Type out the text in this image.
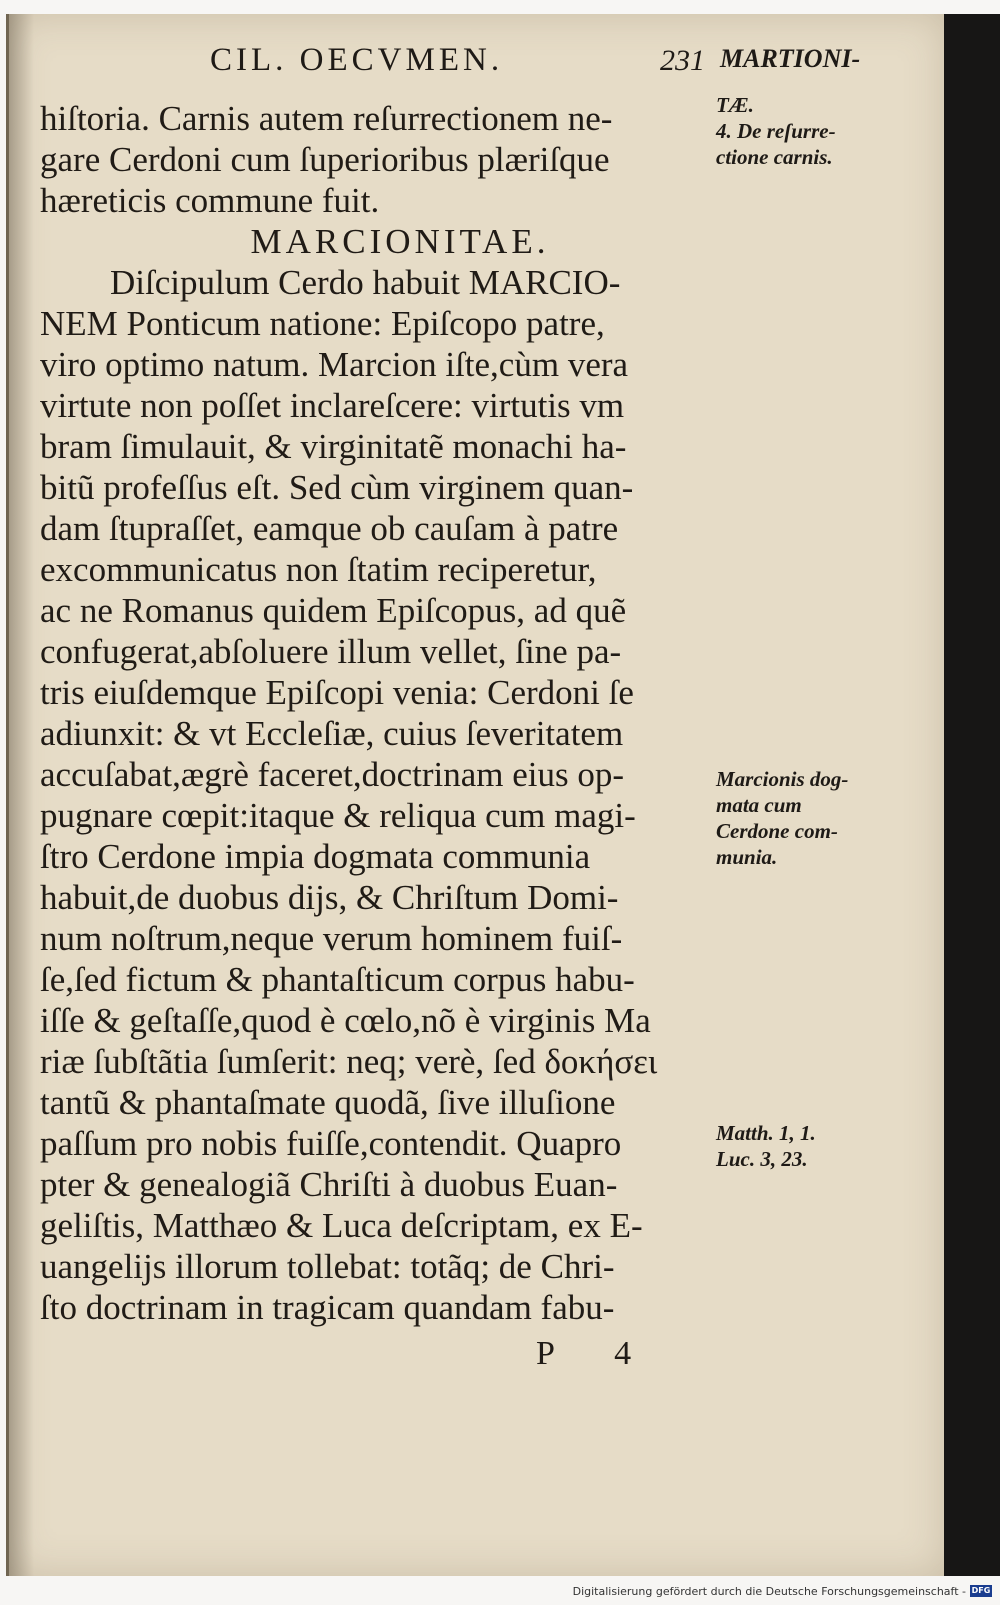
CIL. OECVMEN.	231 MARTIONI-
hiſtoria. Carnis autem reſurrectionem ne-
gare Cerdoni cum ſuperioribus plæriſque
hæreticis commune fuit.
MARCIONITAE.
Diſcipulum Cerdo habuit MARCIO-
NEM Ponticum natione: Epiſcopo patre,
viro optimo natum. Marcion iſte,cùm vera
virtute non poſſet inclareſcere: virtutis vm
bram ſimulauit, & virginitatẽ monachi ha-
bitũ profeſſus eſt. Sed cùm virginem quan-
dam ſtupraſſet, eamque ob cauſam à patre
excommunicatus non ſtatim reciperetur,
ac ne Romanus quidem Epiſcopus, ad quẽ
confugerat,abſoluere illum vellet, ſine pa-
tris eiuſdemque Epiſcopi venia: Cerdoni ſe
adiunxit: & vt Eccleſiæ, cuius ſeveritatem
accuſabat,ægrè faceret,doctrinam eius op-
pugnare cœpit:itaque & reliqua cum magi-
ſtro Cerdone impia dogmata communia
habuit,de duobus dijs, & Chriſtum Domi-
num noſtrum,neque verum hominem fuiſ-
ſe,ſed fictum & phantaſticum corpus habu-
iſſe & geſtaſſe,quod è cœlo,nõ è virginis Ma
riæ ſubſtãtia ſumſerit: neq; verè, ſed δοκήσει
tantũ & phantaſmate quodã, ſive illuſione
paſſum pro nobis fuiſſe,contendit. Quapro
pter & genealogiã Chriſti à duobus Euan-
geliſtis, Matthæo & Luca deſcriptam, ex E-
uangelijs illorum tollebat: totãq; de Chri-
ſto doctrinam in tragicam quandam fabu-
TÆ.
4. De reſurre-
ctione carnis.
Marcionis dog-
mata cum
Cerdone com-
munia.
Matth. 1, 1.
Luc. 3, 23.
P 4
Digitalisierung gefördert durch die Deutsche Forschungsgemeinschaft - DFG
